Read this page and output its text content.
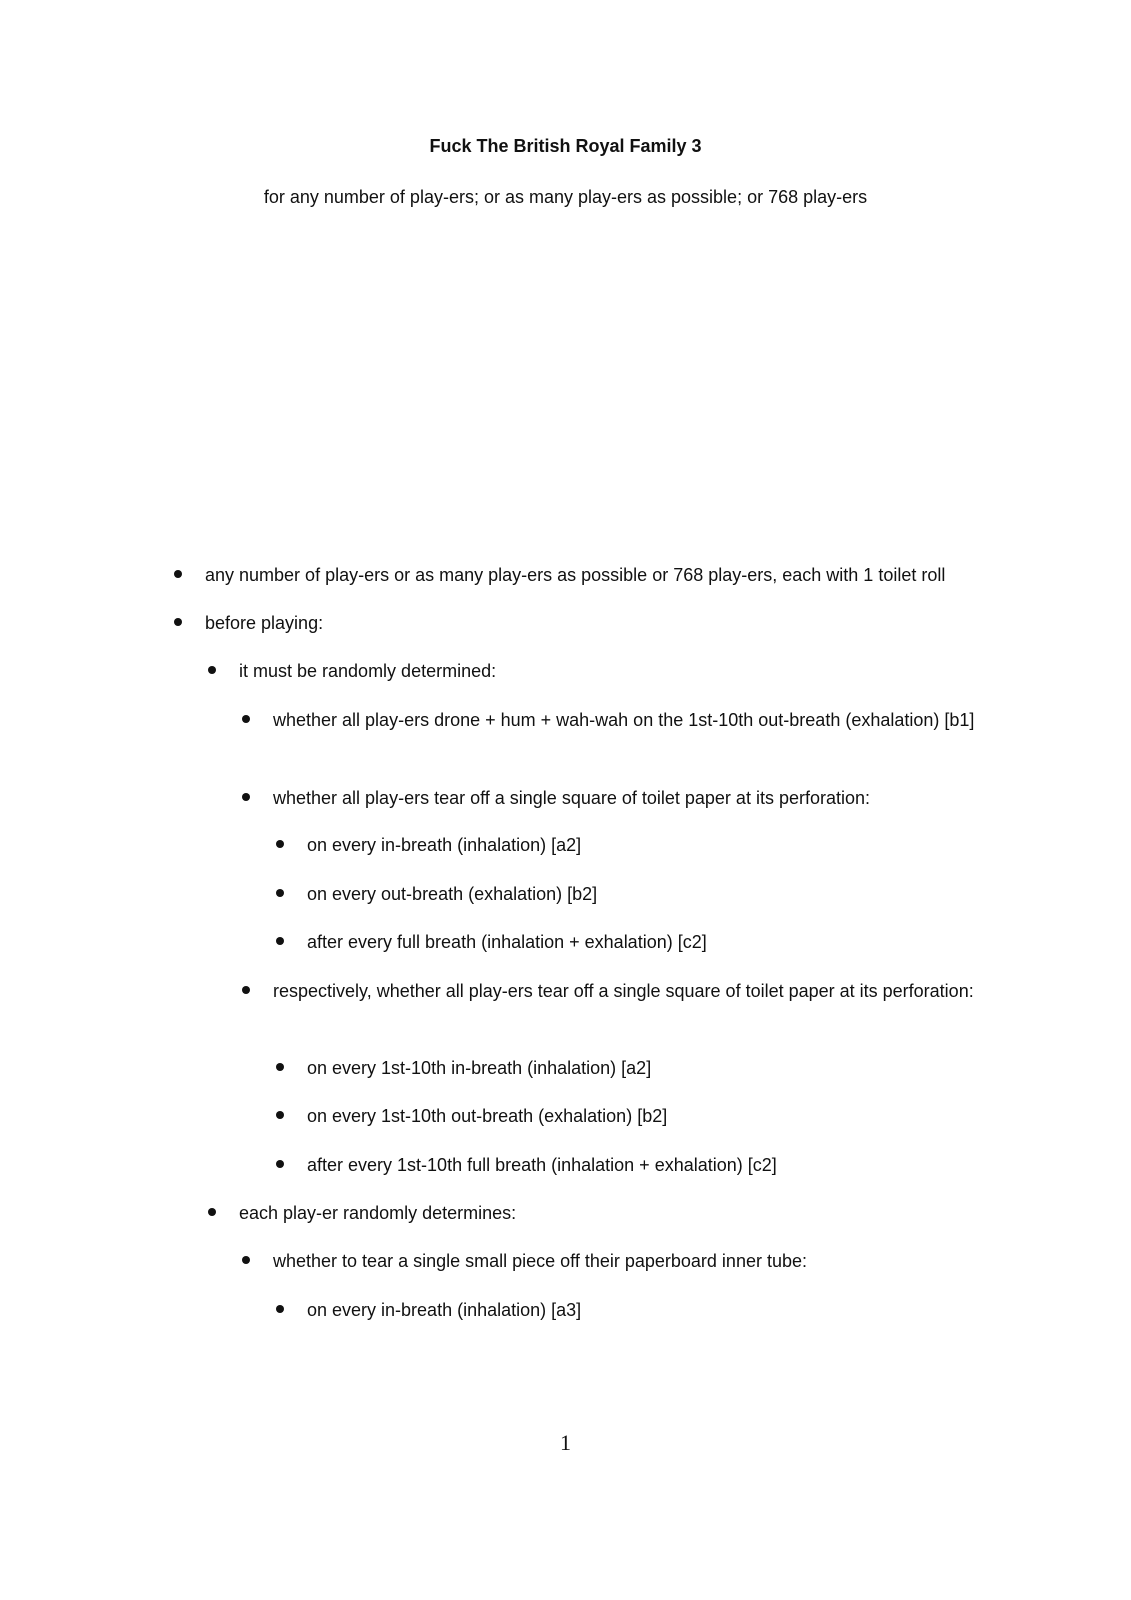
Fuck The British Royal Family 3
for any number of play-ers; or as many play-ers as possible; or 768 play-ers
any number of play-ers or as many play-ers as possible or 768 play-ers, each with 1 toilet roll
before playing:
it must be randomly determined:
whether all play-ers drone + hum + wah-wah on the 1st-10th out-breath (exhalation) [b1]
whether all play-ers tear off a single square of toilet paper at its perforation:
on every in-breath (inhalation) [a2]
on every out-breath (exhalation) [b2]
after every full breath (inhalation + exhalation) [c2]
respectively, whether all play-ers tear off a single square of toilet paper at its perforation:
on every 1st-10th in-breath (inhalation) [a2]
on every 1st-10th out-breath (exhalation) [b2]
after every 1st-10th full breath (inhalation + exhalation) [c2]
each play-er randomly determines:
whether to tear a single small piece off their paperboard inner tube:
on every in-breath (inhalation) [a3]
1
